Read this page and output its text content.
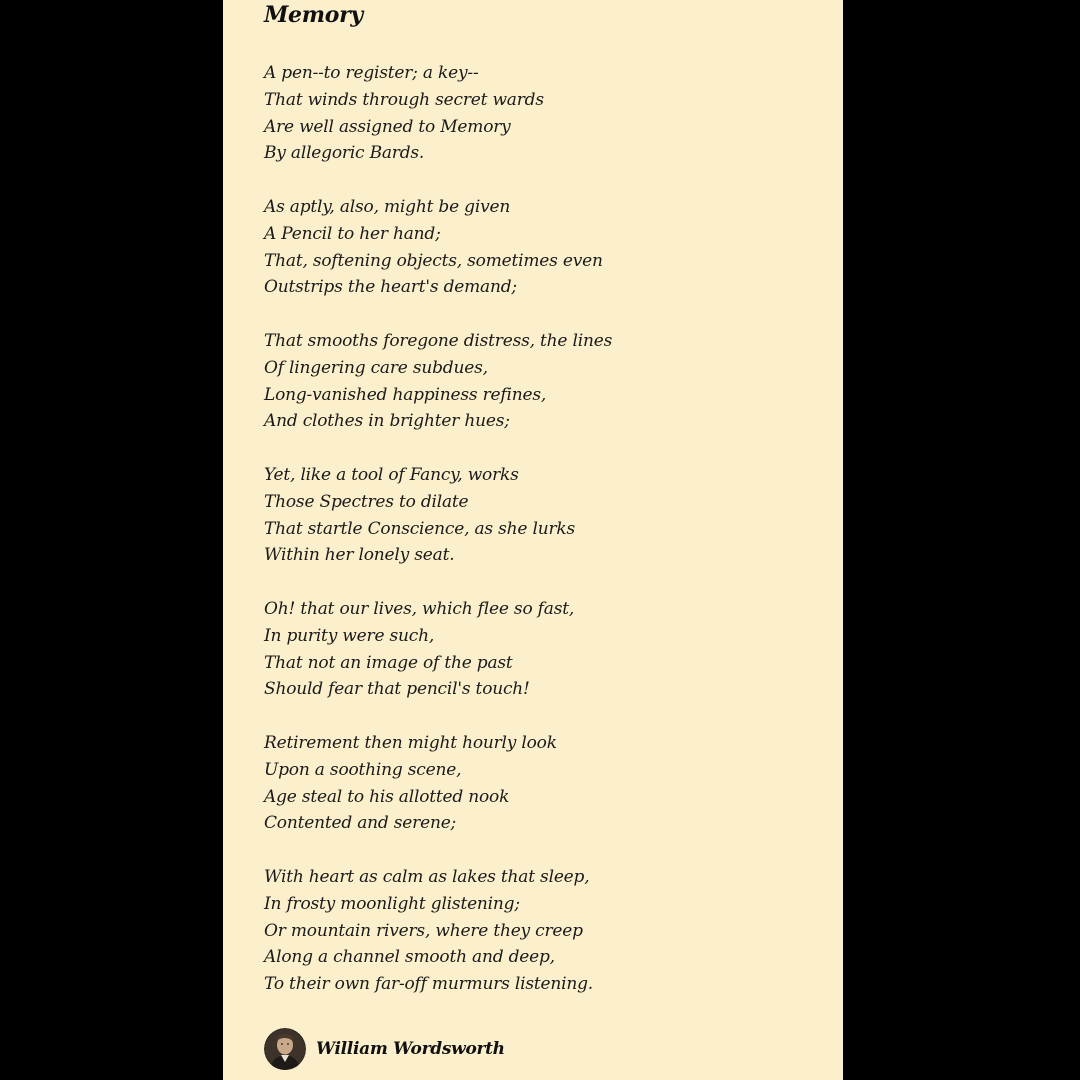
Memory
A pen--to register; a key--
That winds through secret wards
Are well assigned to Memory
By allegoric Bards.
As aptly, also, might be given
A Pencil to her hand;
That, softening objects, sometimes even
Outstrips the heart's demand;
That smooths foregone distress, the lines
Of lingering care subdues,
Long-vanished happiness refines,
And clothes in brighter hues;
Yet, like a tool of Fancy, works
Those Spectres to dilate
That startle Conscience, as she lurks
Within her lonely seat.
Oh! that our lives, which flee so fast,
In purity were such,
That not an image of the past
Should fear that pencil's touch!
Retirement then might hourly look
Upon a soothing scene,
Age steal to his allotted nook
Contented and serene;
With heart as calm as lakes that sleep,
In frosty moonlight glistening;
Or mountain rivers, where they creep
Along a channel smooth and deep,
To their own far-off murmurs listening.
William Wordsworth
